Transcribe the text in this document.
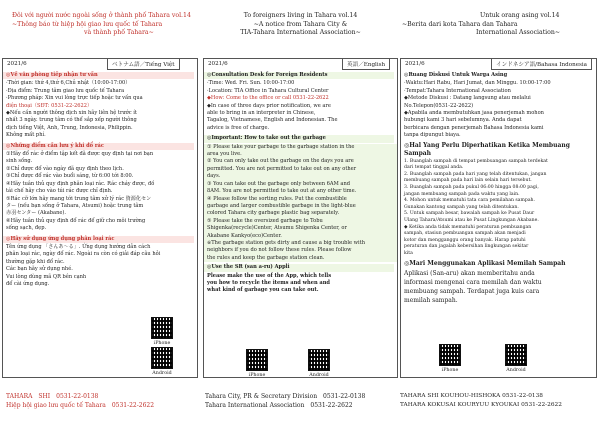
Đôi với người nước ngoài sống ở thành phố Tahara vol.14
~Thông báo từ hiệp hội giao lưu quốc tế Tahara
và thành phố Tahara~
2021/6	ベトナム語／Tiếng Việt
◎Về văn phòng tiếp nhận tư vấn
·Thời gian: thứ 4,thứ 6,Chủ nhật（10:00-17:00）
·Địa điểm: Trung tâm giao lưu quốc tế Tahara
·Phương pháp: Xin vui lòng trực tiếp hoặc tư vấn qua
điện thoại（SĐT: 0531-22-2622）
◆Nếu cần người thông dịch xin hãy liên hệ trước ít
nhất 3 ngày. trung tâm có thể sắp xếp người thông
dịch tiếng Việt, Anh, Trung, Indonesia, Philippin.
Không mất phí.
◎Những điểm cần lưu ý khi đổ rác
①Hãy đổ rác ở điểm tập kết đã được quy định tại nơi bạn
sinh sống.
②Chỉ được đổ vào ngày đã quy định theo lịch.
③Chỉ được đổ rác vào buổi sáng, từ 6:00 tới 8:00.
④Hãy tuân thủ quy định phân loại rác. Rác cháy được, đồ
tái chế hãy cho vào túi rác được chỉ định.
⑤Rác cỡ lớn hãy mang tới trung tâm xử lý rác 資源化セン
ター (nếu bạn sống ở Tahara, Atsumi) hoặc trung tâm
赤羽センター (Akabane).
⑥Hãy tuân thủ quy định đổ rác để giữ cho môi trường
sống sạch, đẹp.
◎Hãy sử dụng ứng dụng phân loại rác
Tên ứng dụng 「さんあ〜る」. Ứng dụng hướng dẫn cách
phân loại rác, ngày đổ rác. Ngoài ra còn có giải đáp câu hỏi
thường gặp khi đổ rác.
Các bạn hãy sử dụng nhé.
Vui lòng dùng mã QR bên cạnh
để cài ứng dụng.
iPhone
Android
TAHARA　SHI　0531-22-0138
Hiệp hội giao lưu quốc tế Tahara　0531-22-2622
To foreigners living in Tahara vol.14
~A notice from Tahara City &
TIA-Tahara International Association~
2021/6	英語／English
◎Consultation Desk for Foreign Residents
·Time: Wed. Fri. Sun. 10:00-17:00
·Location: TIA Office in Tahara Cultural Center
◆How: Come to the office or call 0531-22-2622
◆In case of three days prior notification, we are
able to bring in an interpreter in Chinese,
Tagalog, Vietnamese, English and Indonesian. The
advice is free of charge.
◎Important: How to take out the garbage
① Please take your garbage to the garbage station in the
area you live.
② You can only take out the garbage on the days you are
permitted. You are not permitted to take out on any other
days.
③ You can take out the garbage only between 6AM and
8AM. You are not permitted to take out at any other time.
④ Please follow the sorting rules. Put the combustible
garbage and larger combustible garbage in the light-blue
colored Tahara city garbage plastic bag separately.
⑤ Please take the oversized garbage to Tobu
Shigenka(recycle)Center, Atsumu Shigenka Center, or
Akabane Kankyo(eco)Center.
※The garbage station gets dirty and cause a big trouble with
neighbors if you do not follow these rules. Please follow
the rules and keep the garbage station clean.
◎Use the SR (san a-ru) Appli
Please make the use of the App, which tells
you how to recycle the items and when and
what kind of garbage you can take out.
iPhone	Android
Tahara City, PR & Secretary Division　0531-22-0138
Tahara International Association　0531-22-2622
Untuk orang asing vol.14
~Berita dari kota Tahara dan Tahara
International Association~
2021/6	インドネシア語/Bahasa Indonesia
◎Ruang Diskusi Untuk Warga Asing
·Waktu:Hari Rabu, Hari Jumat, dan Minggu. 10:00-17:00
·Tempat:Tahara International Association
◆Metode Diskusi : Datang langsung atau melalui
No.Telepon(0531-22-2622)
◆Apabila anda membutuhkan jasa penerjemah mohon
hubungi kami 3 hari sebelumnya. Anda dapat
berbicara dengan penerjemah Bahasa Indonesia kami
tanpa dipungut biaya.
◎Hal Yang Perlu Diperhatikan Ketika Membuang Sampah
1. Buanglah sampah di tempat pembuangan sampah terdekat
dari tempat tinggal anda.
2. Buanglah sampah pada hari yang telah ditentukan, jangan
membuang sampah pada hari lain selain hari tersebut.
3. Buanglah sampah pada pukul 06:00 hingga 08:00 pagi,
jangan membuang sampah pada waktu yang lain.
4. Mohon untuk mematuhi tata cara pemilahan sampah.
Gunakan kantong sampah yang telah ditentukan.
5. Untuk sampah besar, bawalah sampah ke Pusat Daur
Ulang Tahara/Atsumi atau ke Pusat Lingkungan Akabane.
◆ Ketika anda tidak mematuhi peraturan pembuangan
sampah, stasiun pembuangan sampah akan menjadi
kotor dan mengganggu orang banyak. Harap patuhi
peraturan dan jagalah kebersihan lingkungan sekitar
kita
◎Mari Menggunakan Aplikasi Memilah Sampah
Aplikasi (San-aru) akan memberitahu anda
informasi mengenai cara memilah dan waktu
membuang sampah. Terdapat juga kuis cara
memilah sampah.
iPhone	Android
TAHARA SHI KOUHOU-HISHOKA 0531-22-0138
TAHARA KOKUSAI KOURYUU KYOUKAI 0531-22-2622
